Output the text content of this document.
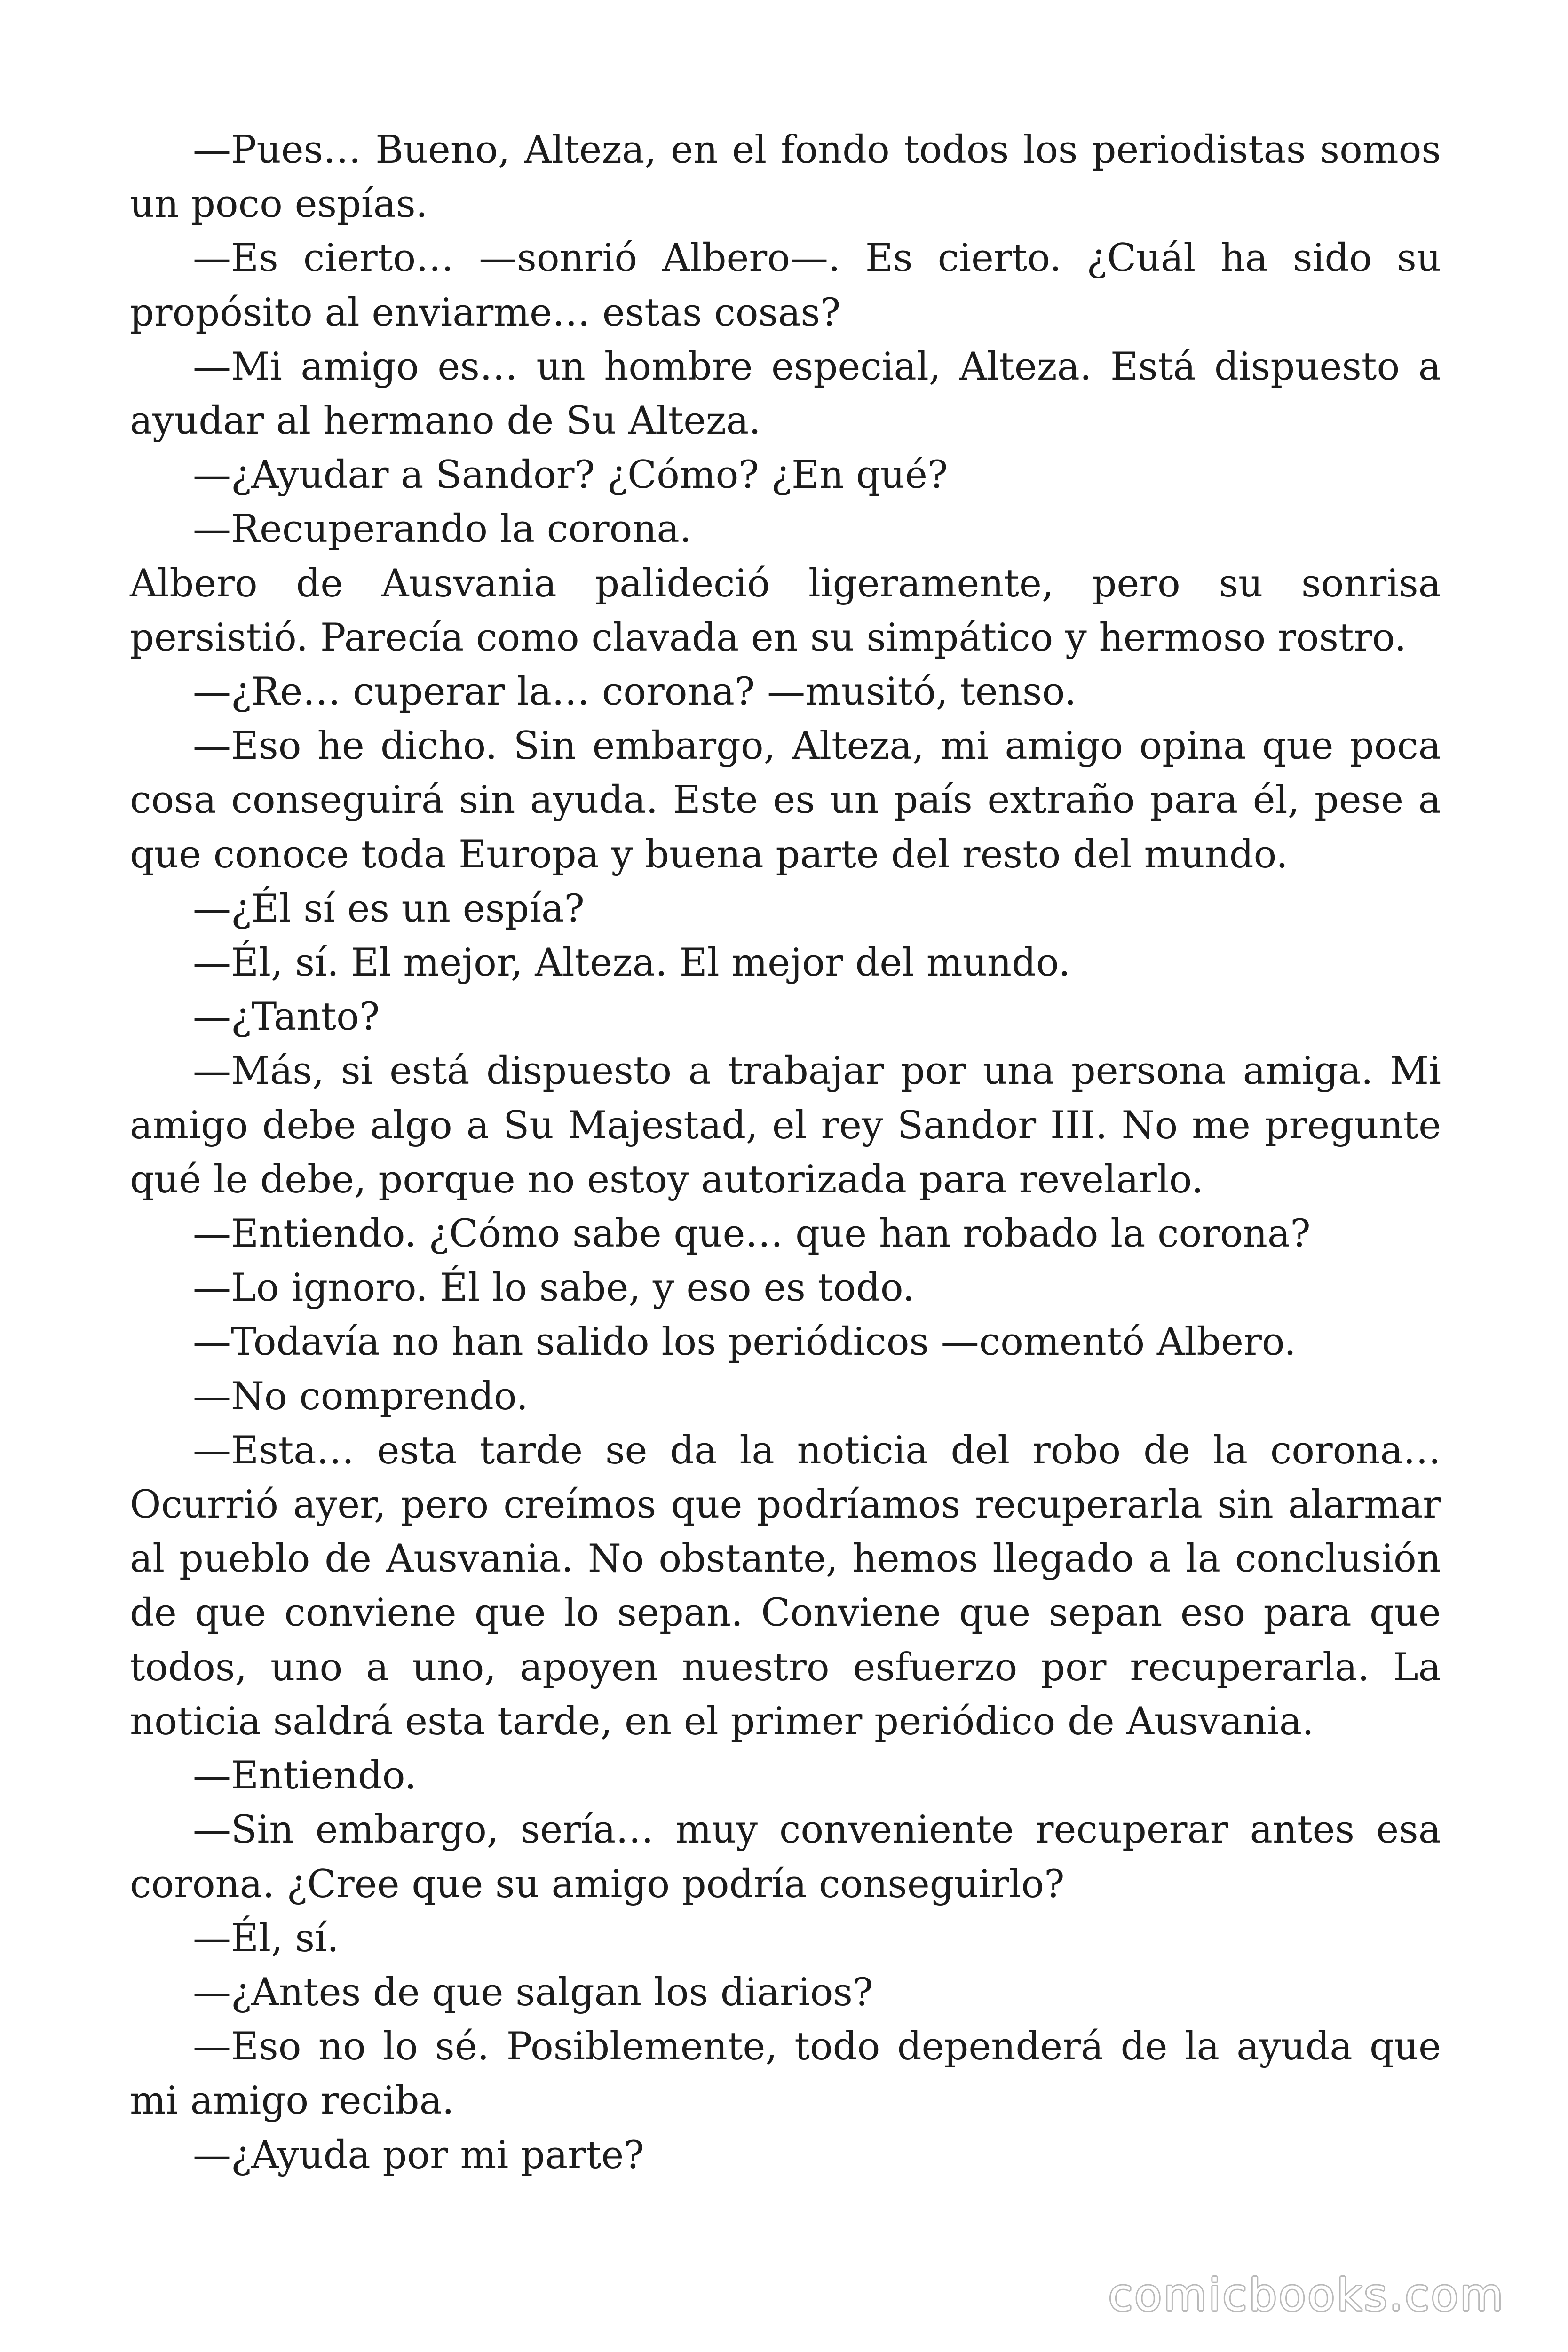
—Pues… Bueno, Alteza, en el fondo todos los periodistas somos un poco espías.

—Es cierto… —sonrió Albero—. Es cierto. ¿Cuál ha sido su propósito al enviarme… estas cosas?

—Mi amigo es… un hombre especial, Alteza. Está dispuesto a ayudar al hermano de Su Alteza.

—¿Ayudar a Sandor? ¿Cómo? ¿En qué?

—Recuperando la corona.

Albero de Ausvania palideció ligeramente, pero su sonrisa persistió. Parecía como clavada en su simpático y hermoso rostro.

—¿Re… cuperar la… corona? —musitó, tenso.

—Eso he dicho. Sin embargo, Alteza, mi amigo opina que poca cosa conseguirá sin ayuda. Este es un país extraño para él, pese a que conoce toda Europa y buena parte del resto del mundo.

—¿Él sí es un espía?

—Él, sí. El mejor, Alteza. El mejor del mundo.

—¿Tanto?

—Más, si está dispuesto a trabajar por una persona amiga. Mi amigo debe algo a Su Majestad, el rey Sandor III. No me pregunte qué le debe, porque no estoy autorizada para revelarlo.

—Entiendo. ¿Cómo sabe que… que han robado la corona?

—Lo ignoro. Él lo sabe, y eso es todo.

—Todavía no han salido los periódicos —comentó Albero.

—No comprendo.

—Esta… esta tarde se da la noticia del robo de la corona… Ocurrió ayer, pero creímos que podríamos recuperarla sin alarmar al pueblo de Ausvania. No obstante, hemos llegado a la conclusión de que conviene que lo sepan. Conviene que sepan eso para que todos, uno a uno, apoyen nuestro esfuerzo por recuperarla. La noticia saldrá esta tarde, en el primer periódico de Ausvania.

—Entiendo.

—Sin embargo, sería… muy conveniente recuperar antes esa corona. ¿Cree que su amigo podría conseguirlo?

—Él, sí.

—¿Antes de que salgan los diarios?

—Eso no lo sé. Posiblemente, todo dependerá de la ayuda que mi amigo reciba.

—¿Ayuda por mi parte?

comicbooks.com
